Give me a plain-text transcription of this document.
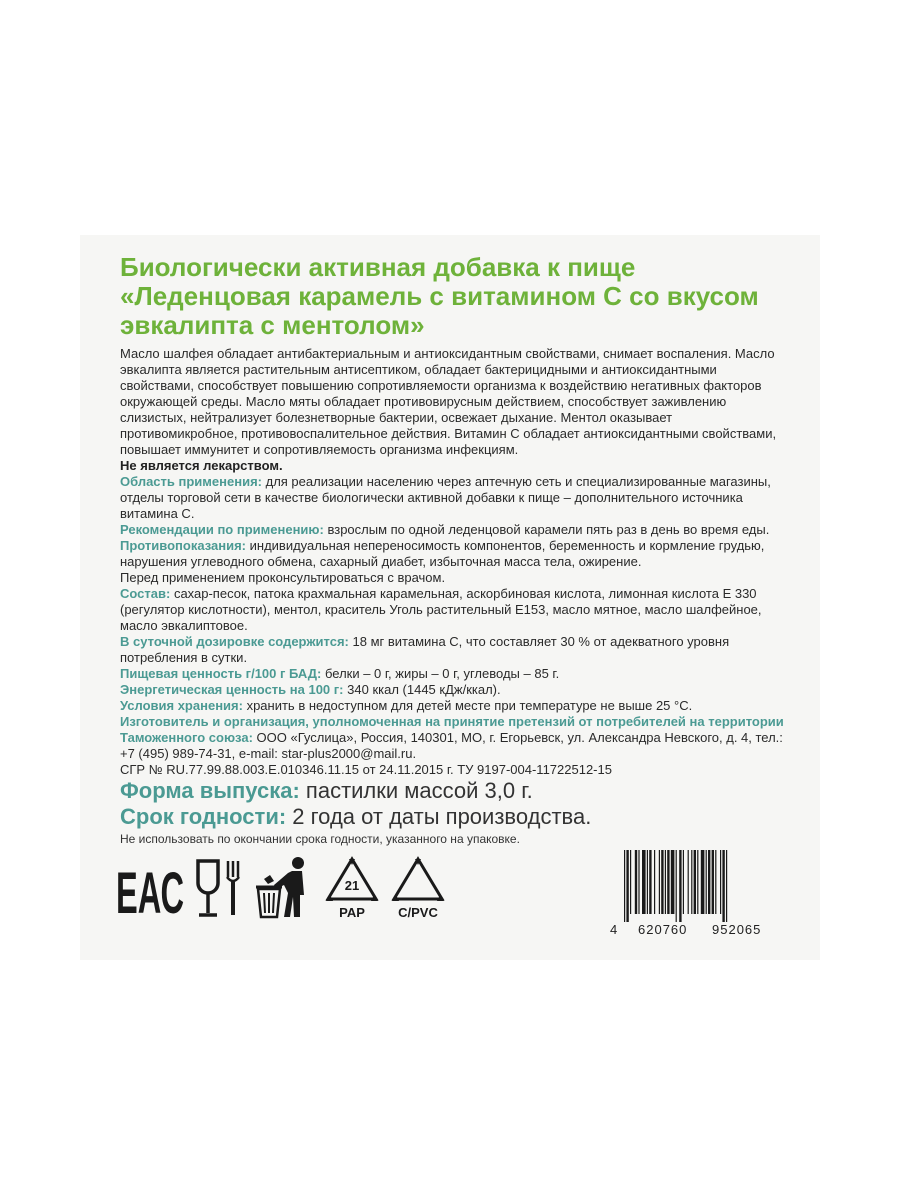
Биологически активная добавка к пище
«Леденцовая карамель с витамином С со вкусом
эвкалипта с ментолом»

Масло шалфея обладает антибактериальным и антиоксидантным свойствами, снимает воспаления. Масло эвкалипта является растительным антисептиком, обладает бактерицидными и антиоксидантными свойствами, способствует повышению сопротивляемости организма к воздействию негативных факторов окружающей среды. Масло мяты обладает противовирусным действием, способствует заживлению слизистых, нейтрализует болезнетворные бактерии, освежает дыхание. Ментол оказывает противомикробное, противовоспалительное действия. Витамин С обладает антиоксидантными свойствами, повышает иммунитет и сопротивляемость организма инфекциям.

Не является лекарством.

Область применения: для реализации населению через аптечную сеть и специализированные магазины, отделы торговой сети в качестве биологически активной добавки к пище – дополнительного источника витамина С.

Рекомендации по применению: взрослым по одной леденцовой карамели пять раз в день во время еды.

Противопоказания: индивидуальная непереносимость компонентов, беременность и кормление грудью, нарушения углеводного обмена, сахарный диабет, избыточная масса тела, ожирение.

Перед применением проконсультироваться с врачом.

Состав: сахар-песок, патока крахмальная карамельная, аскорбиновая кислота, лимонная кислота Е 330 (регулятор кислотности), ментол, краситель Уголь растительный Е153, масло мятное, масло шалфейное, масло эвкалиптовое.

В суточной дозировке содержится: 18 мг витамина С, что составляет 30 % от адекватного уровня потребления в сутки.

Пищевая ценность г/100 г БАД: белки – 0 г, жиры – 0 г, углеводы – 85 г.

Энергетическая ценность на 100 г: 340 ккал (1445 кДж/ккал).

Условия хранения: хранить в недоступном для детей месте при температуре не выше 25 °С.

Изготовитель и организация, уполномоченная на принятие претензий от потребителей на территории Таможенного союза: ООО «Гуслица», Россия, 140301, МО, г. Егорьевск, ул. Александра Невского, д. 4, тел.: +7 (495) 989-74-31, e-mail: star-plus2000@mail.ru.

СГР № RU.77.99.88.003.Е.010346.11.15 от 24.11.2015 г. ТУ 9197-004-11722512-15

Форма выпуска: пастилки массой 3,0 г.
Срок годности: 2 года от даты производства.
Не использовать по окончании срока годности, указанного на упаковке.
ЕАС	21
PAP	C/PVC
4 620760 952065
